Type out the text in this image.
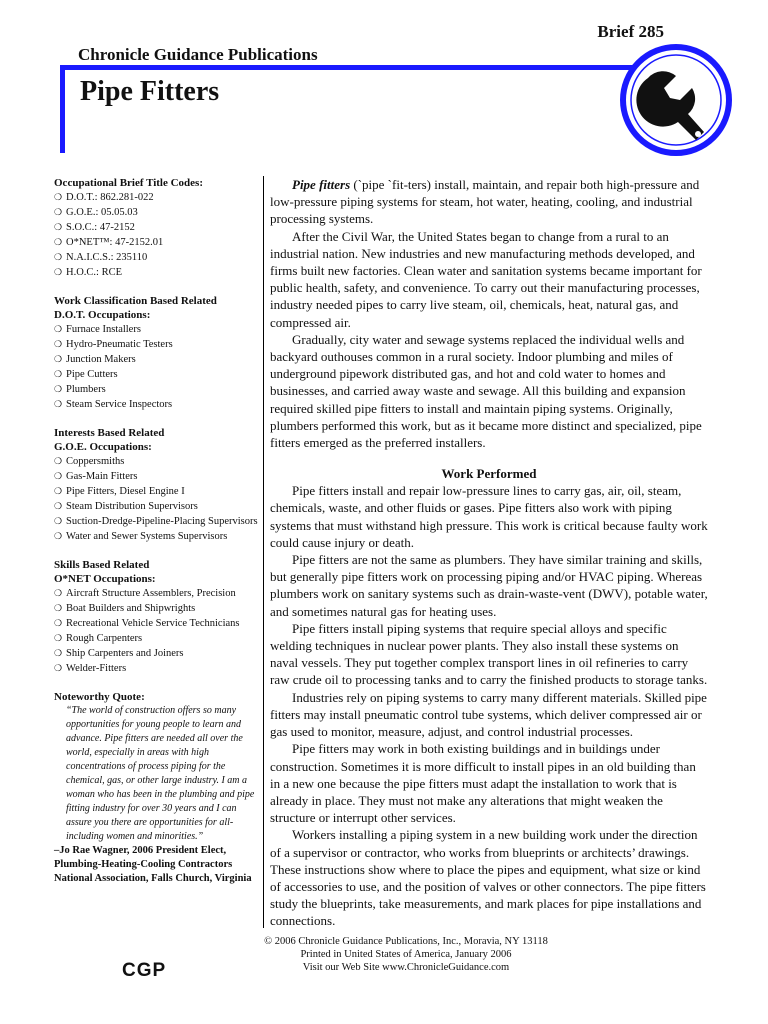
Brief 285
Chronicle Guidance Publications
Pipe Fitters
Occupational Brief Title Codes:
❍ D.O.T.: 862.281-022
❍ G.O.E.: 05.05.03
❍ S.O.C.: 47-2152
❍ O*NET™: 47-2152.01
❍ N.A.I.C.S.: 235110
❍ H.O.C.: RCE
Work Classification Based Related
D.O.T. Occupations:
❍ Furnace Installers
❍ Hydro-Pneumatic Testers
❍ Junction Makers
❍ Pipe Cutters
❍ Plumbers
❍ Steam Service Inspectors
Interests Based Related
G.O.E. Occupations:
❍ Coppersmiths
❍ Gas-Main Fitters
❍ Pipe Fitters, Diesel Engine I
❍ Steam Distribution Supervisors
❍ Suction-Dredge-Pipeline-Placing Supervisors
❍ Water and Sewer Systems Supervisors
Skills Based Related
O*NET Occupations:
❍ Aircraft Structure Assemblers, Precision
❍ Boat Builders and Shipwrights
❍ Recreational Vehicle Service Technicians
❍ Rough Carpenters
❍ Ship Carpenters and Joiners
❍ Welder-Fitters
Noteworthy Quote:
“The world of construction offers so many opportunities for young people to learn and advance. Pipe fitters are needed all over the world, especially in areas with high concentrations of process piping for the chemical, gas, or other large industry. I am a woman who has been in the plumbing and pipe fitting industry for over 30 years and I can assure you there are opportunities for all-including women and minorities.”
–Jo Rae Wagner, 2006 President Elect, Plumbing-Heating-Cooling Contractors National Association, Falls Church, Virginia

Pipe fitters (`pipe `fit-ters) install, maintain, and repair both high-pressure and low-pressure piping systems for steam, hot water, heating, cooling, and industrial processing systems.

After the Civil War, the United States began to change from a rural to an industrial nation. New industries and new manufacturing methods developed, and firms built new factories. Clean water and sanitation systems became important for public health, safety, and convenience. To carry out their manufacturing processes, industry needed pipes to carry live steam, oil, chemicals, heat, natural gas, and compressed air.

Gradually, city water and sewage systems replaced the individual wells and backyard outhouses common in a rural society. Indoor plumbing and miles of underground pipework distributed gas, and hot and cold water to homes and businesses, and carried away waste and sewage. All this building and expansion required skilled pipe fitters to install and maintain piping systems. Originally, plumbers performed this work, but as it became more distinct and specialized, pipe fitters emerged as the preferred installers.

Work Performed

Pipe fitters install and repair low-pressure lines to carry gas, air, oil, steam, chemicals, waste, and other fluids or gases. Pipe fitters also work with piping systems that must withstand high pressure. This work is critical because faulty work could cause injury or death.

Pipe fitters are not the same as plumbers. They have similar training and skills, but generally pipe fitters work on processing piping and/or HVAC piping. Whereas plumbers work on sanitary systems such as drain-waste-vent (DWV), potable water, and sometimes natural gas for heating uses.

Pipe fitters install piping systems that require special alloys and specific welding techniques in nuclear power plants. They also install these systems on naval vessels. They put together complex transport lines in oil refineries to carry raw crude oil to processing tanks and to carry the finished products to storage tanks.

Industries rely on piping systems to carry many different materials. Skilled pipe fitters may install pneumatic control tube systems, which deliver compressed air or gas used to monitor, measure, adjust, and control industrial processes.

Pipe fitters may work in both existing buildings and in buildings under construction. Sometimes it is more difficult to install pipes in an old building than in a new one because the pipe fitters must adapt the installation to work that is already in place. They must not make any alterations that might weaken the structure or interrupt other services.

Workers installing a piping system in a new building work under the direction of a supervisor or contractor, who works from blueprints or architects’ drawings. These instructions show where to place the pipes and equipment, what size or kind of accessories to use, and the position of valves or other connectors. The pipe fitters study the blueprints, take measurements, and mark places for pipe installations and connections.

© 2006 Chronicle Guidance Publications, Inc., Moravia, NY 13118
Printed in United States of America, January 2006
Visit our Web Site www.ChronicleGuidance.com
CGP
